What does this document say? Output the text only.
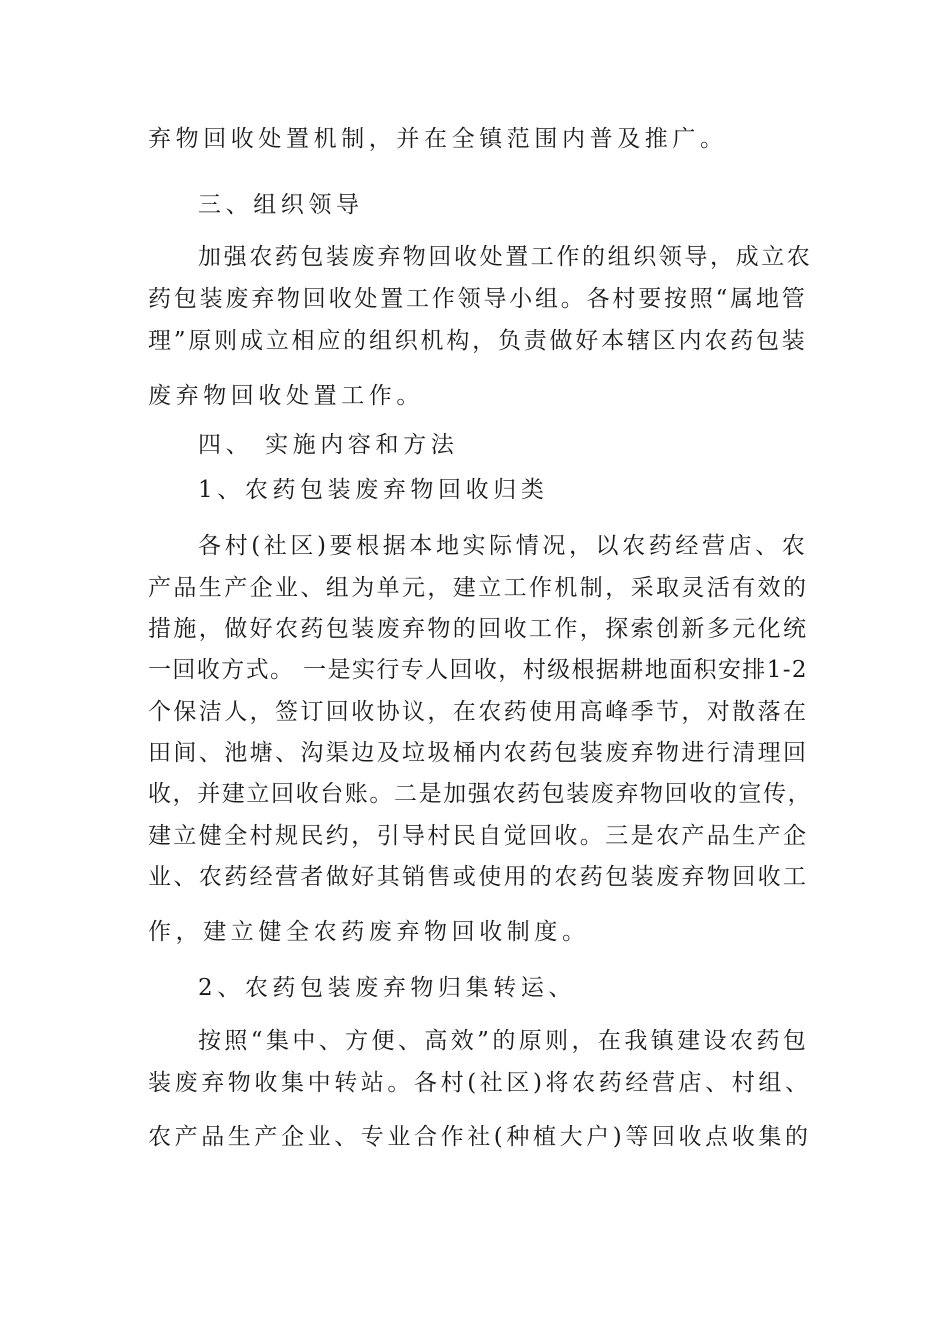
弃物回收处置机制，并在全镇范围内普及推广。
三、组织领导
加强农药包装废弃物回收处置工作的组织领导，成立农
药包装废弃物回收处置工作领导小组。各村要按照“属地管
理”原则成立相应的组织机构，负责做好本辖区内农药包装
废弃物回收处置工作。
四、 实施内容和方法
1、农药包装废弃物回收归类
各村(社区)要根据本地实际情况，以农药经营店、农
产品生产企业、组为单元，建立工作机制，采取灵活有效的
措施，做好农药包装废弃物的回收工作，探索创新多元化统
一回收方式。 一是实行专人回收，村级根据耕地面积安排1-2
个保洁人，签订回收协议，在农药使用高峰季节，对散落在
田间、池塘、沟渠边及垃圾桶内农药包装废弃物进行清理回
收，并建立回收台账。二是加强农药包装废弃物回收的宣传，
建立健全村规民约，引导村民自觉回收。三是农产品生产企
业、农药经营者做好其销售或使用的农药包装废弃物回收工
作，建立健全农药废弃物回收制度。
2、农药包装废弃物归集转运、
按照“集中、方便、高效”的原则，在我镇建设农药包
装废弃物收集中转站。各村(社区)将农药经营店、村组、
农产品生产企业、专业合作社(种植大户)等回收点收集的
